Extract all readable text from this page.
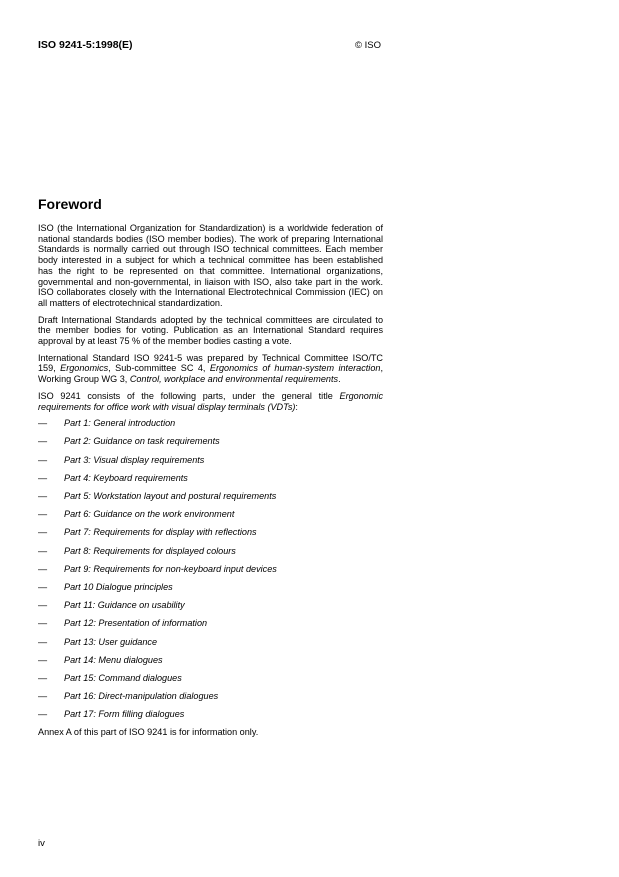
ISO 9241-5:1998(E)	© ISO
Foreword

ISO (the International Organization for Standardization) is a worldwide federation of national standards bodies (ISO member bodies). The work of preparing International Standards is normally carried out through ISO technical committees. Each member body interested in a subject for which a technical committee has been established has the right to be represented on that committee. International organizations, governmental and non-governmental, in liaison with ISO, also take part in the work. ISO collaborates closely with the International Electrotechnical Commission (IEC) on all matters of electrotechnical standardization.

Draft International Standards adopted by the technical committees are circulated to the member bodies for voting. Publication as an International Standard requires approval by at least 75 % of the member bodies casting a vote.

International Standard ISO 9241-5 was prepared by Technical Committee ISO/TC 159, Ergonomics, Sub-committee SC 4, Ergonomics of human-system interaction, Working Group WG 3, Control, workplace and environmental requirements.

ISO 9241 consists of the following parts, under the general title Ergonomic requirements for office work with visual display terminals (VDTs):

— Part 1: General introduction
— Part 2: Guidance on task requirements
— Part 3: Visual display requirements
— Part 4: Keyboard requirements
— Part 5: Workstation layout and postural requirements
— Part 6: Guidance on the work environment
— Part 7: Requirements for display with reflections
— Part 8: Requirements for displayed colours
— Part 9: Requirements for non-keyboard input devices
— Part 10 Dialogue principles
— Part 11: Guidance on usability
— Part 12: Presentation of information
— Part 13: User guidance
— Part 14: Menu dialogues
— Part 15: Command dialogues
— Part 16: Direct-manipulation dialogues
— Part 17: Form filling dialogues

Annex A of this part of ISO 9241 is for information only.

iv
